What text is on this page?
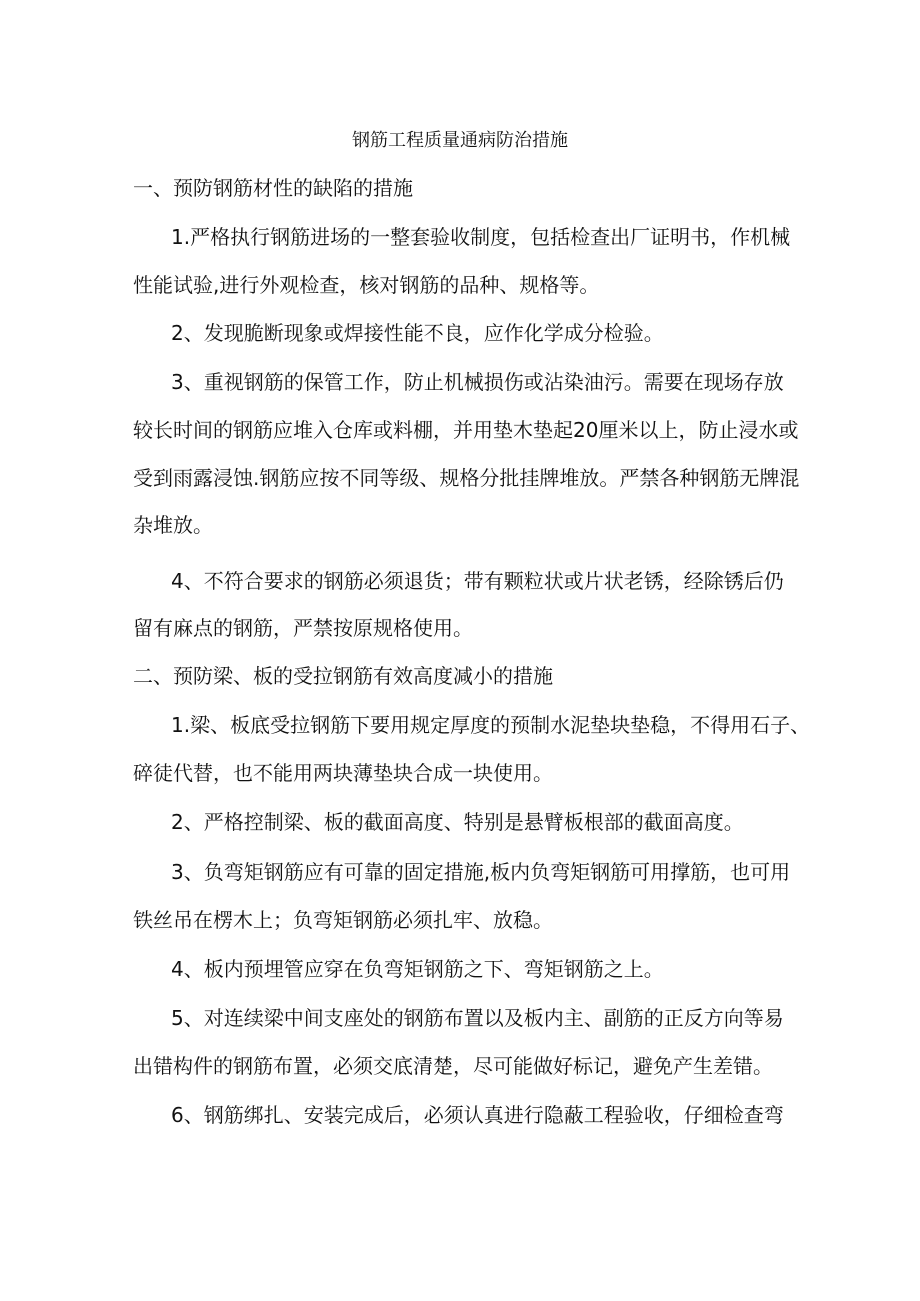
钢筋工程质量通病防治措施
一、预防钢筋材性的缺陷的措施
1.严格执行钢筋进场的一整套验收制度，包括检查出厂证明书，作机械
性能试验,进行外观检查，核对钢筋的品种、规格等。
2、发现脆断现象或焊接性能不良，应作化学成分检验。
3、重视钢筋的保管工作，防止机械损伤或沾染油污。需要在现场存放
较长时间的钢筋应堆入仓库或料棚，并用垫木垫起20厘米以上，防止浸水或
受到雨露浸蚀.钢筋应按不同等级、规格分批挂牌堆放。严禁各种钢筋无牌混
杂堆放。
4、不符合要求的钢筋必须退货；带有颗粒状或片状老锈，经除锈后仍
留有麻点的钢筋，严禁按原规格使用。
二、预防梁、板的受拉钢筋有效高度减小的措施
1.梁、板底受拉钢筋下要用规定厚度的预制水泥垫块垫稳，不得用石子、
碎徒代替，也不能用两块薄垫块合成一块使用。
2、严格控制梁、板的截面高度、特别是悬臂板根部的截面高度。
3、负弯矩钢筋应有可靠的固定措施,板内负弯矩钢筋可用撑筋，也可用
铁丝吊在楞木上；负弯矩钢筋必须扎牢、放稳。
4、板内预埋管应穿在负弯矩钢筋之下、弯矩钢筋之上。
5、对连续梁中间支座处的钢筋布置以及板内主、副筋的正反方向等易
出错构件的钢筋布置，必须交底清楚，尽可能做好标记，避免产生差错。
6、钢筋绑扎、安装完成后，必须认真进行隐蔽工程验收，仔细检查弯
